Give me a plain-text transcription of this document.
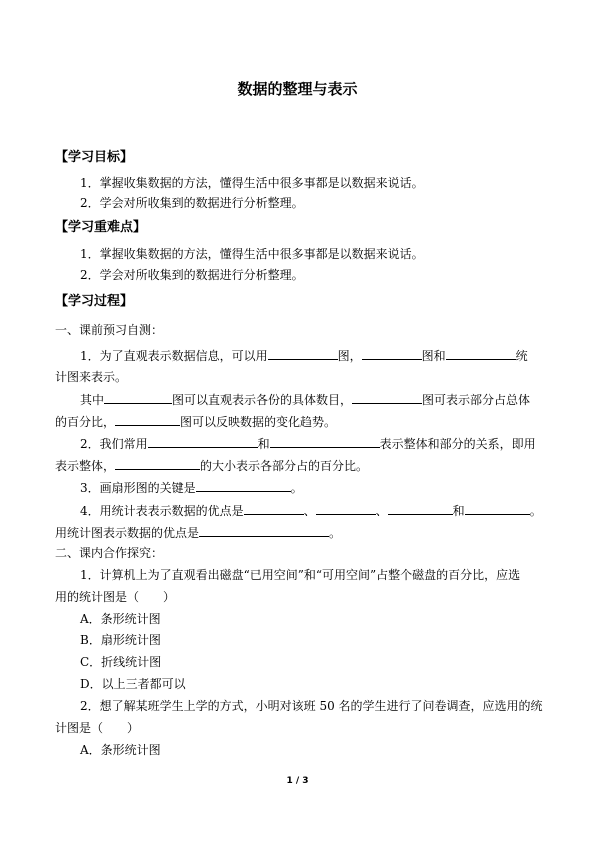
数据的整理与表示
【学习目标】
1．掌握收集数据的方法，懂得生活中很多事都是以数据来说话。
2．学会对所收集到的数据进行分析整理。
【学习重难点】
1．掌握收集数据的方法，懂得生活中很多事都是以数据来说话。
2．学会对所收集到的数据进行分析整理。
【学习过程】
一、课前预习自测：
1．为了直观表示数据信息，可以用	图，	图和	统
计图来表示。
其中	图可以直观表示各份的具体数目，	图可表示部分占总体
的百分比，	图可以反映数据的变化趋势。
2．我们常用	和	表示整体和部分的关系，即用
表示整体，	的大小表示各部分占的百分比。
3．画扇形图的关键是	。
4．用统计表表示数据的优点是	、	、	和	。
用统计图表示数据的优点是	。
二、课内合作探究：
1．计算机上为了直观看出磁盘“已用空间”和“可用空间”占整个磁盘的百分比，应选
用的统计图是（　　）
A．条形统计图
B．扇形统计图
C．折线统计图
D．以上三者都可以
2．想了解某班学生上学的方式，小明对该班 50 名的学生进行了问卷调查，应选用的统
计图是（　　）
A．条形统计图
1 / 3
